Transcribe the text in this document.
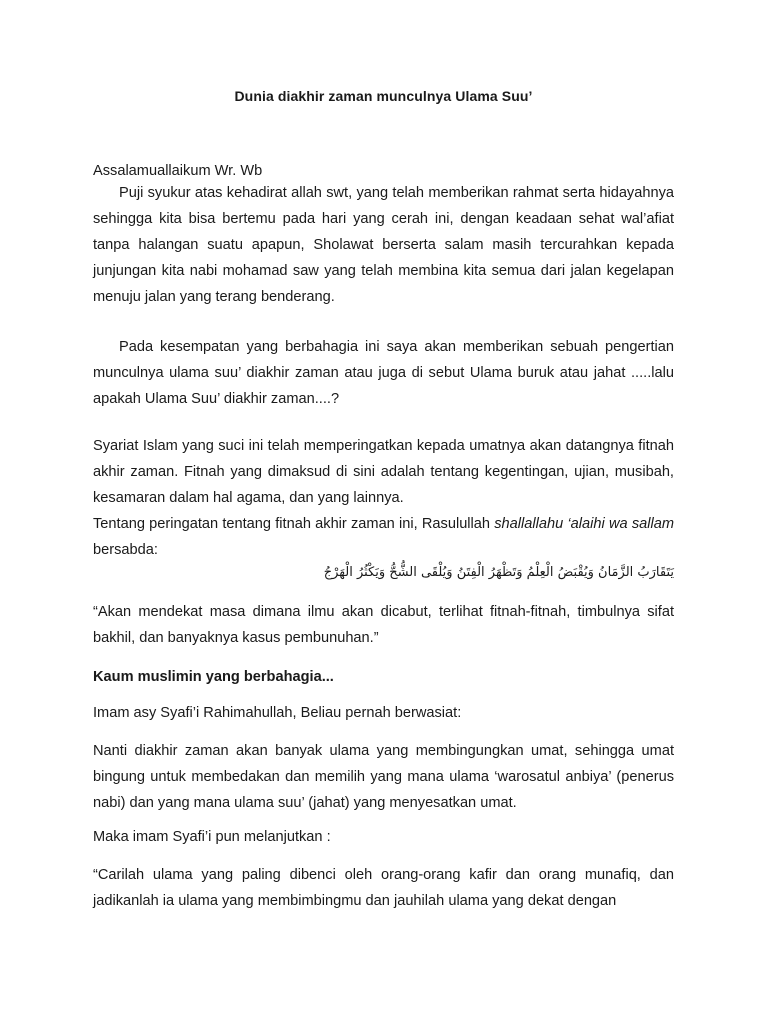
Dunia diakhir zaman munculnya Ulama Suu’

Assalamuallaikum Wr. Wb

Puji syukur atas kehadirat allah swt, yang telah memberikan rahmat serta hidayahnya sehingga kita bisa bertemu pada hari yang cerah ini, dengan keadaan sehat wal’afiat tanpa halangan suatu apapun, Sholawat berserta salam masih tercurahkan kepada junjungan kita nabi mohamad saw yang telah membina kita semua dari jalan kegelapan menuju jalan yang terang benderang.

Pada kesempatan yang berbahagia ini saya akan memberikan sebuah pengertian munculnya ulama suu’ diakhir zaman atau juga di sebut Ulama buruk atau jahat .....lalu apakah Ulama Suu’ diakhir zaman....?

Syariat Islam yang suci ini telah memperingatkan kepada umatnya akan datangnya fitnah akhir zaman. Fitnah yang dimaksud di sini adalah tentang kegentingan, ujian, musibah, kesamaran dalam hal agama, dan yang lainnya.

Tentang peringatan tentang fitnah akhir zaman ini, Rasulullah shallallahu ‘alaihi wa sallam bersabda:

يَتَقَارَبُ الزَّمَانُ وَيُقْبَضُ الْعِلْمُ وَتَظْهَرُ الْفِتَنُ وَيُلْقَى الشُّحُّ وَيَكْثُرُ الْهَرْجُ

“Akan mendekat masa dimana ilmu akan dicabut, terlihat fitnah-fitnah, timbulnya sifat bakhil, dan banyaknya kasus pembunuhan.”

Kaum muslimin yang berbahagia...

Imam asy Syafi’i Rahimahullah, Beliau pernah berwasiat:

Nanti diakhir zaman akan banyak ulama yang membingungkan umat, sehingga umat bingung untuk membedakan dan memilih yang mana ulama ‘warosatul anbiya’ (penerus nabi) dan yang mana ulama suu’ (jahat) yang menyesatkan umat.

Maka imam Syafi’i pun melanjutkan :

“Carilah ulama yang paling dibenci oleh orang-orang kafir dan orang munafiq, dan jadikanlah ia ulama yang membimbingmu dan jauhilah ulama yang dekat dengan
